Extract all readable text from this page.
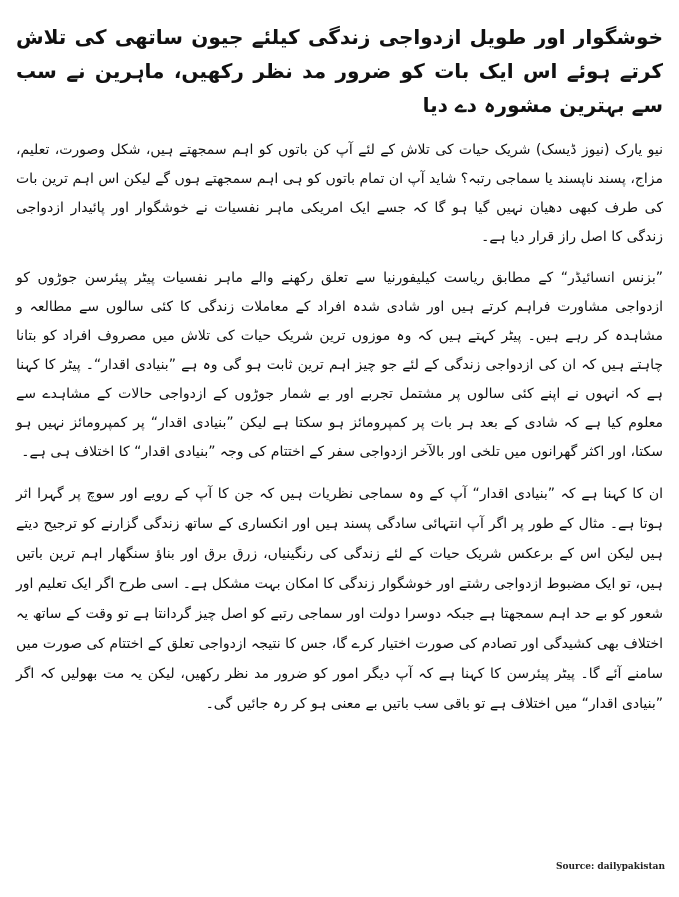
خوشگوار اور طویل ازدواجی زندگی کیلئے جیون ساتھی کی تلاش کرتے ہوئے اس ایک بات کو ضرور مد نظر رکھیں، ماہرین نے سب سے بہترین مشورہ دے دیا

نیو یارک (نیوز ڈیسک) شریک حیات کی تلاش کے لئے آپ کن باتوں کو اہم سمجھتے ہیں، شکل وصورت، تعلیم، مزاج، پسند ناپسند یا سماجی رتبہ؟ شاید آپ ان تمام باتوں کو ہی اہم سمجھتے ہوں گے لیکن اس اہم ترین بات کی طرف کبھی دھیان نہیں گیا ہو گا کہ جسے ایک امریکی ماہر نفسیات نے خوشگوار اور پائیدار ازدواجی زندگی کا اصل راز قرار دیا ہے۔

”بزنس انسائیڈر“ کے مطابق ریاست کیلیفورنیا سے تعلق رکھنے والے ماہر نفسیات پیٹر پیئرسن جوڑوں کو ازدواجی مشاورت فراہم کرتے ہیں اور شادی شدہ افراد کے معاملات زندگی کا کئی سالوں سے مطالعہ و مشاہدہ کر رہے ہیں۔ پیٹر کہتے ہیں کہ وہ موزوں ترین شریک حیات کی تلاش میں مصروف افراد کو بتانا چاہتے ہیں کہ ان کی ازدواجی زندگی کے لئے جو چیز اہم ترین ثابت ہو گی وہ ہے ”بنیادی اقدار“۔ پیٹر کا کہنا ہے کہ انہوں نے اپنے کئی سالوں پر مشتمل تجربے اور بے شمار جوڑوں کے ازدواجی حالات کے مشاہدے سے معلوم کیا ہے کہ شادی کے بعد ہر بات پر کمپرومائز ہو سکتا ہے لیکن ”بنیادی اقدار“ پر کمپرومائز نہیں ہو سکتا، اور اکثر گھرانوں میں تلخی اور بالآخر ازدواجی سفر کے اختتام کی وجہ ”بنیادی اقدار“ کا اختلاف ہی ہے۔

ان کا کہنا ہے کہ ”بنیادی اقدار“ آپ کے وہ سماجی نظریات ہیں کہ جن کا آپ کے رویے اور سوچ پر گہرا اثر ہوتا ہے۔ مثال کے طور پر اگر آپ انتہائی سادگی پسند ہیں اور انکساری کے ساتھ زندگی گزارنے کو ترجیح دیتے ہیں لیکن اس کے برعکس شریک حیات کے لئے زندگی کی رنگینیاں، زرق برق اور بناؤ سنگھار اہم ترین باتیں ہیں، تو ایک مضبوط ازدواجی رشتے اور خوشگوار زندگی کا امکان بہت مشکل ہے۔ اسی طرح اگر ایک تعلیم اور شعور کو بے حد اہم سمجھتا ہے جبکہ دوسرا دولت اور سماجی رتبے کو اصل چیز گردانتا ہے تو وقت کے ساتھ یہ اختلاف بھی کشیدگی اور تصادم کی صورت اختیار کرے گا، جس کا نتیجہ ازدواجی تعلق کے اختتام کی صورت میں سامنے آئے گا۔ پیٹر پیئرسن کا کہنا ہے کہ آپ دیگر امور کو ضرور مد نظر رکھیں، لیکن یہ مت بھولیں کہ اگر ”بنیادی اقدار“ میں اختلاف ہے تو باقی سب باتیں بے معنی ہو کر رہ جائیں گی۔

Source: dailypakistan
